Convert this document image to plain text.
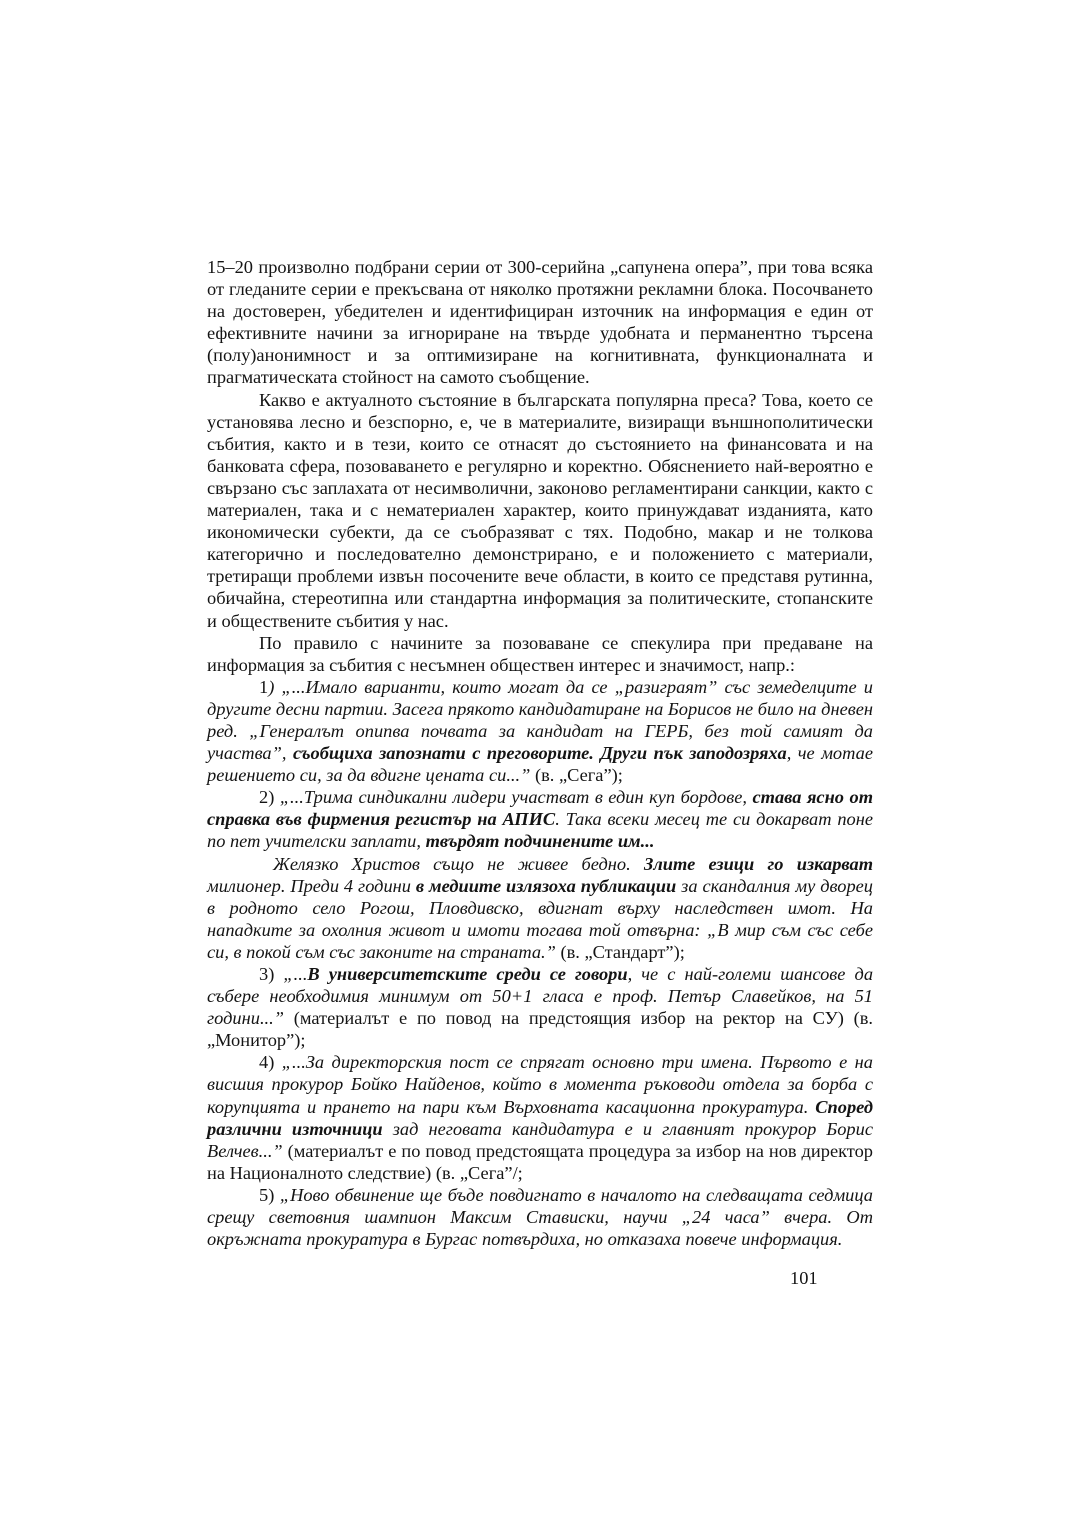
15–20 произволно подбрани серии от 300-серийна „сапунена опера”, при това всяка от гледаните серии е прекъсвана от няколко протяжни рекламни блока. Посочването на достоверен, убедителен и идентифициран източник на информация е един от ефективните начини за игнориране на твърде удобната и перманентно търсена (полу)анонимност и за оптимизиране на когнитивната, функционалната и прагматическата стойност на самото съобщение.

Какво е актуалното състояние в българската популярна преса? Това, което се установява лесно и безспорно, е, че в материалите, визиращи външнополитически събития, както и в тези, които се отнасят до състоянието на финансовата и на банковата сфера, позоваването е регулярно и коректно. Обяснението най-вероятно е свързано със заплахата от несимволични, законово регламентирани санкции, както с материален, така и с нематериален характер, които принуждават изданията, като икономически субекти, да се съобразяват с тях. Подобно, макар и не толкова категорично и последователно демонстрирано, е и положението с материали, третиращи проблеми извън посочените вече области, в които се представя рутинна, обичайна, стереотипна или стандартна информация за политическите, стопанските и обществените събития у нас.

По правило с начините за позоваване се спекулира при предаване на информация за събития с несъмнен обществен интерес и значимост, напр.:

1) „...Имало варианти, които могат да се „разиграят” със земеделците и другите десни партии. Засега прякото кандидатиране на Борисов не било на дневен ред. „Генералът опипва почвата за кандидат на ГЕРБ, без той самият да участва”, съобщиха запознати с преговорите. Други пък заподозряха, че мотае решението си, за да вдигне цената си...” (в. „Сега”);

2) „...Трима синдикални лидери участват в един куп бордове, става ясно от справка във фирмения регистър на АПИС. Така всеки месец те си докарват поне по пет учителски заплати, твърдят подчинените им...

Желязко Христов също не живее бедно. Злите езици го изкарват милионер. Преди 4 години в медиите излязоха публикации за скандалния му дворец в родното село Рогош, Пловдивско, вдигнат върху наследствен имот. На нападките за охолния живот и имоти тогава той отвърна: „В мир съм със себе си, в покой съм със законите на страната.” (в. „Стандарт”);

3) „...В университетските среди се говори, че с най-големи шансове да събере необходимия минимум от 50+1 гласа е проф. Петър Славейков, на 51 години...” (материалът е по повод на предстоящия избор на ректор на СУ) (в. „Монитор”);

4) „...За директорския пост се спрягат основно три имена. Първото е на висшия прокурор Бойко Найденов, който в момента ръководи отдела за борба с корупцията и прането на пари към Върховната касационна прокуратура. Според различни източници зад неговата кандидатура е и главният прокурор Борис Велчев...” (материалът е по повод предстоящата процедура за избор на нов директор на Националното следствие) (в. „Сега”/;

5) „Ново обвинение ще бъде повдигнато в началото на следващата седмица срещу световния шампион Максим Стависки, научи „24 часа” вчера. От окръжната прокуратура в Бургас потвърдиха, но отказаха повече информация.

101
